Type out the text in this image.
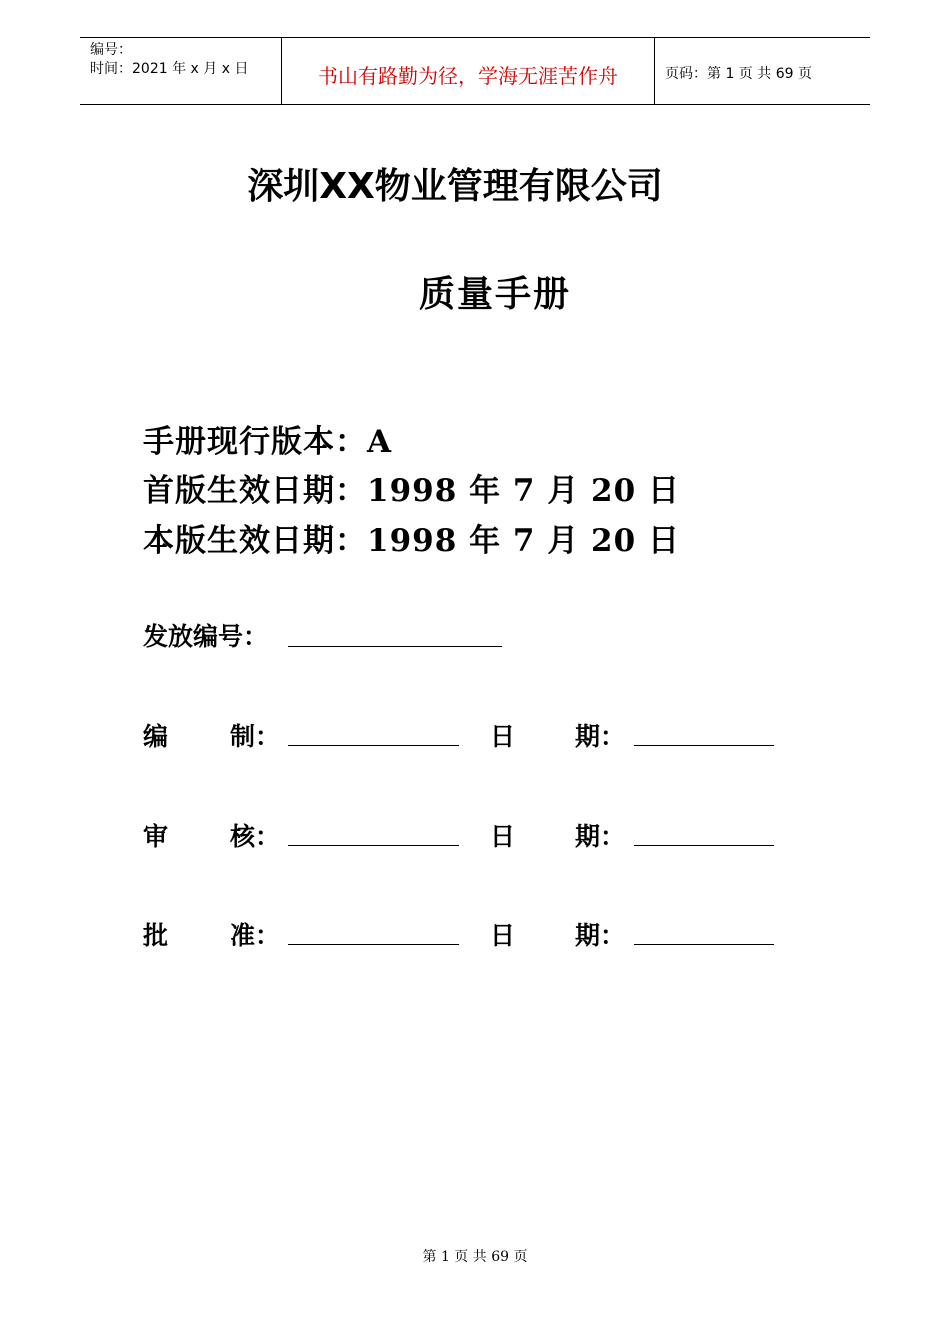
编号：
时间：2021 年 x 月 x 日	书山有路勤为径，学海无涯苦作舟	页码：第 1 页 共 69 页
深圳XX物业管理有限公司
质量手册
手册现行版本：A
首版生效日期：1998 年 7 月 20 日
本版生效日期：1998 年 7 月 20 日
发放编号：
编 制：	日 期：
审 核：	日 期：
批 准：	日 期：
第 1 页 共 69 页
